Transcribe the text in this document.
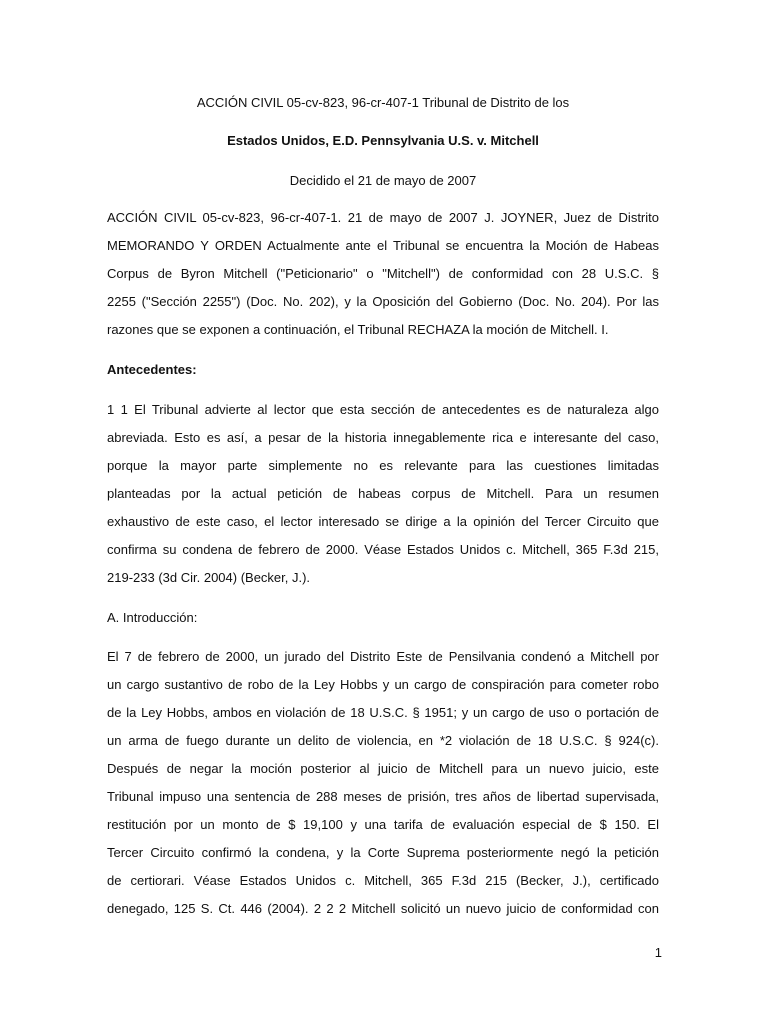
ACCIÓN CIVIL 05-cv-823, 96-cr-407-1 Tribunal de Distrito de los
Estados Unidos, E.D. Pennsylvania U.S. v. Mitchell
Decidido el 21 de mayo de 2007
ACCIÓN CIVIL 05-cv-823, 96-cr-407-1. 21 de mayo de 2007 J. JOYNER, Juez de Distrito
MEMORANDO Y ORDEN Actualmente ante el Tribunal se encuentra la Moción de Habeas
Corpus de Byron Mitchell ("Peticionario" o "Mitchell") de conformidad con 28 U.S.C. §
2255 ("Sección 2255") (Doc. No. 202), y la Oposición del Gobierno (Doc. No. 204). Por las
razones que se exponen a continuación, el Tribunal RECHAZA la moción de Mitchell. I.
Antecedentes:
1 1 El Tribunal advierte al lector que esta sección de antecedentes es de naturaleza algo
abreviada. Esto es así, a pesar de la historia innegablemente rica e interesante del caso,
porque la mayor parte simplemente no es relevante para las cuestiones limitadas
planteadas por la actual petición de habeas corpus de Mitchell. Para un resumen
exhaustivo de este caso, el lector interesado se dirige a la opinión del Tercer Circuito que
confirma su condena de febrero de 2000. Véase Estados Unidos c. Mitchell, 365 F.3d 215,
219-233 (3d Cir. 2004) (Becker, J.).
A. Introducción:
El 7 de febrero de 2000, un jurado del Distrito Este de Pensilvania condenó a Mitchell por
un cargo sustantivo de robo de la Ley Hobbs y un cargo de conspiración para cometer robo
de la Ley Hobbs, ambos en violación de 18 U.S.C. § 1951; y un cargo de uso o portación de
un arma de fuego durante un delito de violencia, en *2 violación de 18 U.S.C. § 924(c).
Después de negar la moción posterior al juicio de Mitchell para un nuevo juicio, este
Tribunal impuso una sentencia de 288 meses de prisión, tres años de libertad supervisada,
restitución por un monto de $ 19,100 y una tarifa de evaluación especial de $ 150. El
Tercer Circuito confirmó la condena, y la Corte Suprema posteriormente negó la petición
de certiorari. Véase Estados Unidos c. Mitchell, 365 F.3d 215 (Becker, J.), certificado
denegado, 125 S. Ct. 446 (2004). 2 2 2 Mitchell solicitó un nuevo juicio de conformidad con
1
